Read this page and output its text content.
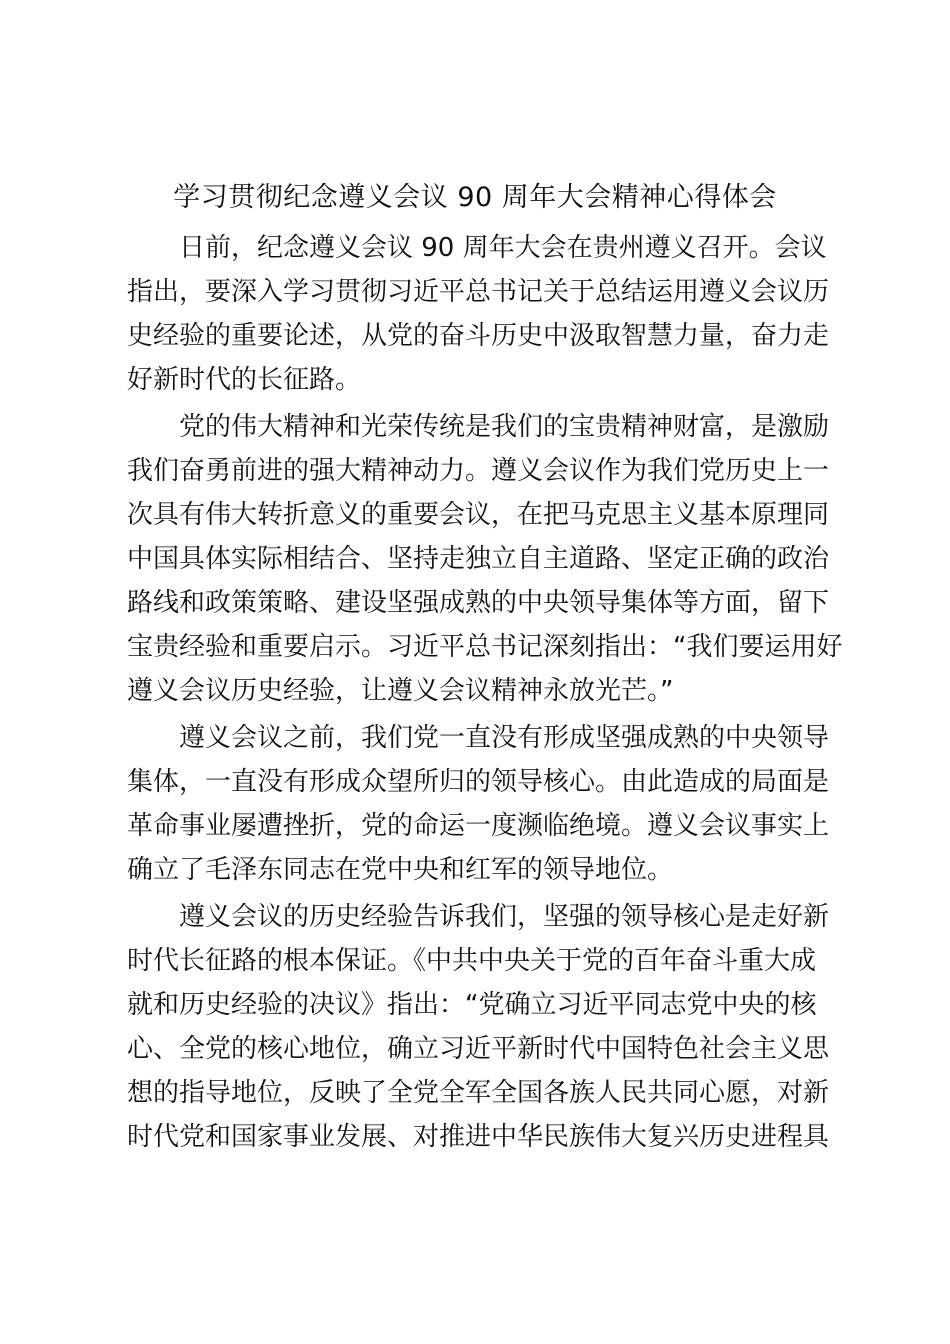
学习贯彻纪念遵义会议 90 周年大会精神心得体会
日前，纪念遵义会议 90 周年大会在贵州遵义召开。会议
指出，要深入学习贯彻习近平总书记关于总结运用遵义会议历
史经验的重要论述，从党的奋斗历史中汲取智慧力量，奋力走
好新时代的长征路。
党的伟大精神和光荣传统是我们的宝贵精神财富，是激励
我们奋勇前进的强大精神动力。遵义会议作为我们党历史上一
次具有伟大转折意义的重要会议，在把马克思主义基本原理同
中国具体实际相结合、坚持走独立自主道路、坚定正确的政治
路线和政策策略、建设坚强成熟的中央领导集体等方面，留下
宝贵经验和重要启示。习近平总书记深刻指出：“我们要运用好
遵义会议历史经验，让遵义会议精神永放光芒。”
遵义会议之前，我们党一直没有形成坚强成熟的中央领导
集体，一直没有形成众望所归的领导核心。由此造成的局面是
革命事业屡遭挫折，党的命运一度濒临绝境。遵义会议事实上
确立了毛泽东同志在党中央和红军的领导地位。
遵义会议的历史经验告诉我们，坚强的领导核心是走好新
时代长征路的根本保证。《中共中央关于党的百年奋斗重大成
就和历史经验的决议》指出：“党确立习近平同志党中央的核
心、全党的核心地位，确立习近平新时代中国特色社会主义思
想的指导地位，反映了全党全军全国各族人民共同心愿，对新
时代党和国家事业发展、对推进中华民族伟大复兴历史进程具
